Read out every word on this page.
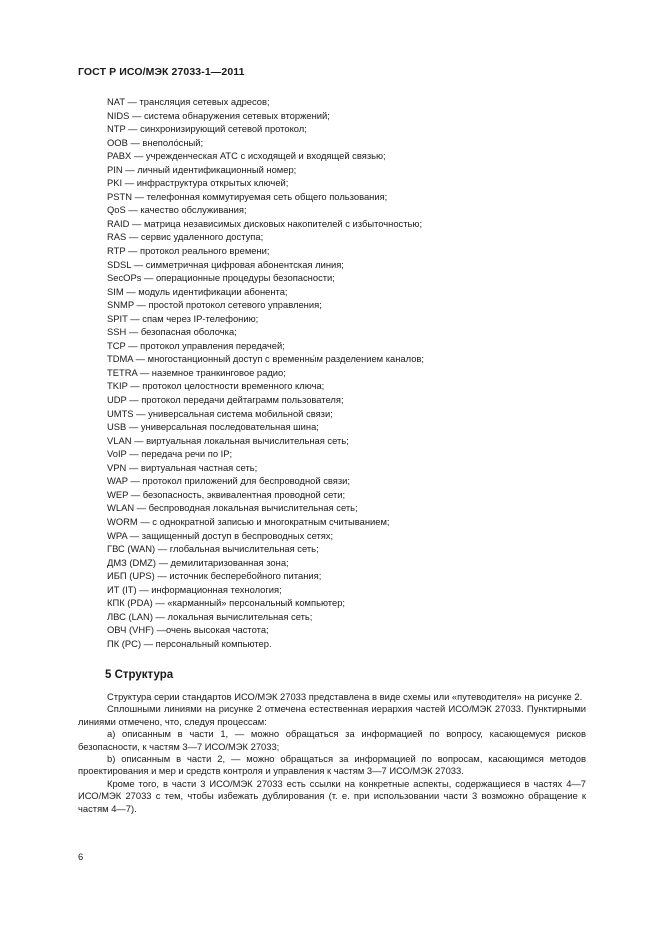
ГОСТ Р ИСО/МЭК 27033-1—2011
NAT — трансляция сетевых адресов;
NIDS — система обнаружения сетевых вторжений;
NTP — синхронизирующий сетевой протокол;
OOB — внеполо́сный;
PABX — учрежденческая АТС с исходящей и входящей связью;
PIN — личный идентификационный номер;
PKI — инфраструктура открытых ключей;
PSTN — телефонная коммутируемая сеть общего пользования;
QoS — качество обслуживания;
RAID — матрица независимых дисковых накопителей с избыточностью;
RAS — сервис удаленного доступа;
RTP — протокол реального времени;
SDSL — симметричная цифровая абонентская линия;
SecOPs — операционные процедуры безопасности;
SIM — модуль идентификации абонента;
SNMP — простой протокол сетевого управления;
SPIT — спам через IP-телефонию;
SSH — безопасная оболочка;
TCP — протокол управления передачей;
TDMA — многостанционный доступ с временны́м разделением каналов;
TETRA — наземное транкинговое радио;
TKIP — протокол целостности временного ключа;
UDP — протокол передачи дейтаграмм пользователя;
UMTS — универсальная система мобильной связи;
USB — универсальная последовательная шина;
VLAN — виртуальная локальная вычислительная сеть;
VoIP — передача речи по IP;
VPN — виртуальная частная сеть;
WAP — протокол приложений для беспроводной связи;
WEP — безопасность, эквивалентная проводной сети;
WLAN — беспроводная локальная вычислительная сеть;
WORM — с однократной записью и многократным считыванием;
WPA — защищенный доступ в беспроводных сетях;
ГВС (WAN) — глобальная вычислительная сеть;
ДМЗ (DMZ) — демилитаризованная зона;
ИБП (UPS) — источник бесперебойного питания;
ИТ (IT) — информационная технология;
КПК (PDA) — «карманный» персональный компьютер;
ЛВС (LAN) — локальная вычислительная сеть;
ОВЧ (VHF) —очень высокая частота;
ПК (PC) — персональный компьютер.
5 Структура

Структура серии стандартов ИСО/МЭК 27033 представлена в виде схемы или «путеводителя» на рисунке 2.

Сплошными линиями на рисунке 2 отмечена естественная иерархия частей ИСО/МЭК 27033. Пунктирными линиями отмечено, что, следуя процессам:

a) описанным в части 1, — можно обращаться за информацией по вопросу, касающемуся рисков безопасности, к частям 3—7 ИСО/МЭК 27033;

b) описанным в части 2, — можно обращаться за информацией по вопросам, касающимся методов проектирования и мер и средств контроля и управления к частям 3—7 ИСО/МЭК 27033.

Кроме того, в части 3 ИСО/МЭК 27033 есть ссылки на конкретные аспекты, содержащиеся в частях 4—7 ИСО/МЭК 27033 с тем, чтобы избежать дублирования (т. е. при использовании части 3 возможно обращение к частям 4—7).

6
